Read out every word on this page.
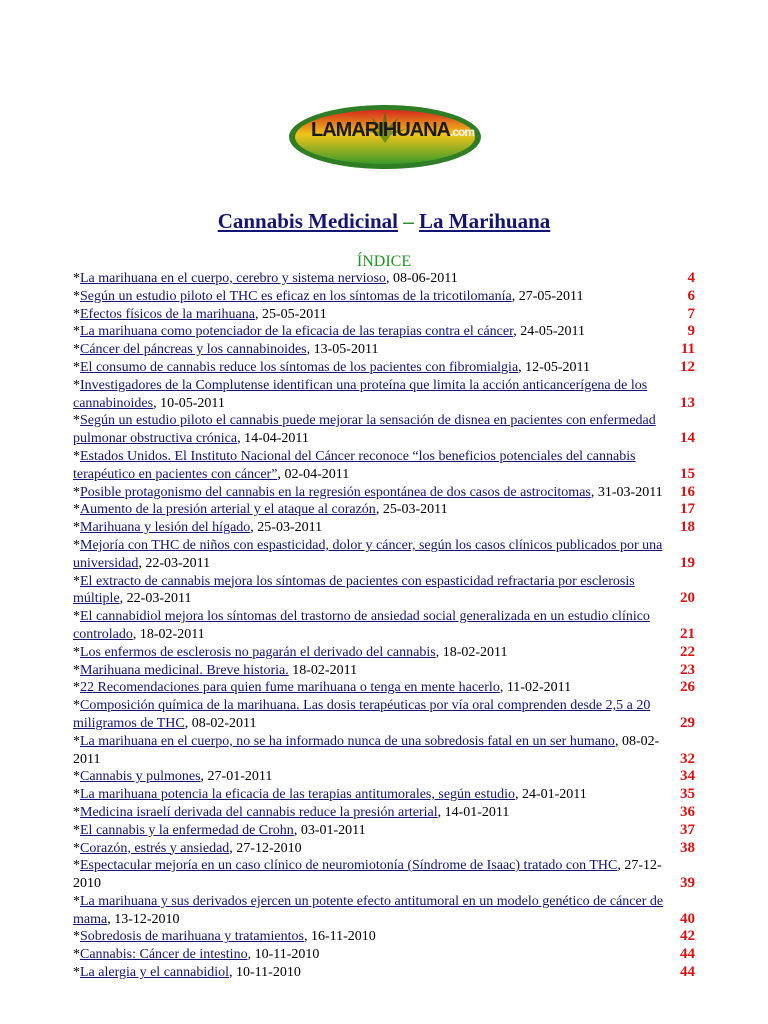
LAMARIHUANA.com
Cannabis Medicinal – La Marihuana
ÍNDICE
*La marihuana en el cuerpo, cerebro y sistema nervioso, 08-06-2011	4
*Según un estudio piloto el THC es eficaz en los síntomas de la tricotilomanía, 27-05-2011	6
*Efectos físicos de la marihuana, 25-05-2011	7
*La marihuana como potenciador de la eficacia de las terapias contra el cáncer, 24-05-2011	9
*Cáncer del páncreas y los cannabinoides, 13-05-2011	11
*El consumo de cannabis reduce los síntomas de los pacientes con fibromialgia, 12-05-2011	12
*Investigadores de la Complutense identifican una proteína que limita la acción anticancerígena de los cannabinoides, 10-05-2011	13
*Según un estudio piloto el cannabis puede mejorar la sensación de disnea en pacientes con enfermedad pulmonar obstructiva crónica, 14-04-2011	14
*Estados Unidos. El Instituto Nacional del Cáncer reconoce “los beneficios potenciales del cannabis terapéutico en pacientes con cáncer”, 02-04-2011	15
*Posible protagonismo del cannabis en la regresión espontánea de dos casos de astrocitomas, 31-03-2011 16
*Aumento de la presión arterial y el ataque al corazón, 25-03-2011	17
*Marihuana y lesión del hígado, 25-03-2011	18
*Mejoría con THC de niños con espasticidad, dolor y cáncer, según los casos clínicos publicados por una universidad, 22-03-2011	19
*El extracto de cannabis mejora los síntomas de pacientes con espasticidad refractaria por esclerosis múltiple, 22-03-2011	20
*El cannabidiol mejora los síntomas del trastorno de ansiedad social generalizada en un estudio clínico controlado, 18-02-2011	21
*Los enfermos de esclerosis no pagarán el derivado del cannabis, 18-02-2011	22
*Marihuana medicinal. Breve historia. 18-02-2011	23
*22 Recomendaciones para quien fume marihuana o tenga en mente hacerlo, 11-02-2011	26
*Composición química de la marihuana. Las dosis terapéuticas por vía oral comprenden desde 2,5 a 20 miligramos de THC, 08-02-2011	29
*La marihuana en el cuerpo, no se ha informado nunca de una sobredosis fatal en un ser humano, 08-02-2011	32
*Cannabis y pulmones, 27-01-2011	34
*La marihuana potencia la eficacia de las terapias antitumorales, según estudio, 24-01-2011	35
*Medicina israelí derivada del cannabis reduce la presión arterial, 14-01-2011	36
*El cannabis y la enfermedad de Crohn, 03-01-2011	37
*Corazón, estrés y ansiedad, 27-12-2010	38
*Espectacular mejoría en un caso clínico de neuromiotonía (Síndrome de Isaac) tratado con THC, 27-12-2010	39
*La marihuana y sus derivados ejercen un potente efecto antitumoral en un modelo genético de cáncer de mama, 13-12-2010	40
*Sobredosis de marihuana y tratamientos, 16-11-2010	42
*Cannabis: Cáncer de intestino, 10-11-2010	44
*La alergia y el cannabidiol, 10-11-2010	44
